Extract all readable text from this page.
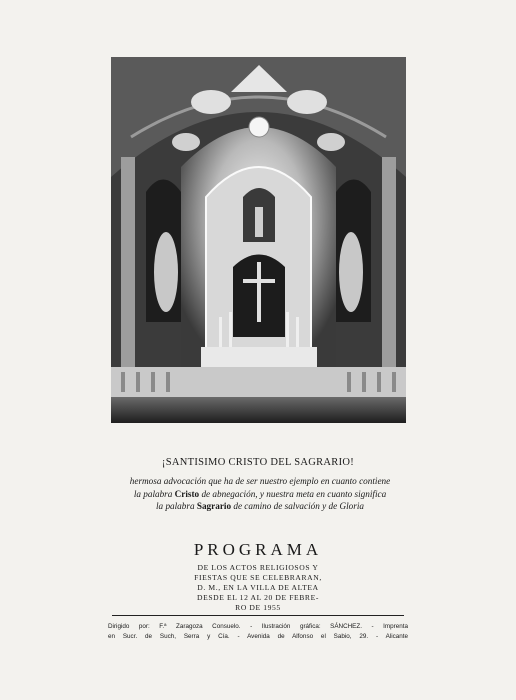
¡SANTISIMO CRISTO DEL SAGRARIO!
hermosa advocación que ha de ser nuestro ejemplo en cuanto contiene
la palabra Cristo de abnegación, y nuestra meta en cuanto significa
la palabra Sagrario de camino de salvación y de Gloria
PROGRAMA
DE LOS ACTOS RELIGIOSOS Y
FIESTAS QUE SE CELEBRARAN,
D. M., EN LA VILLA DE ALTEA
DESDE EL 12 AL 20 DE FEBRE-
RO DE 1955
Dirigido por: F.ª Zaragoza Consuelo. - Ilustración gráfica: SÁNCHEZ. - Imprenta
en Sucr. de Such, Serra y Cía. - Avenida de Alfonso el Sabio, 29. - Alicante
